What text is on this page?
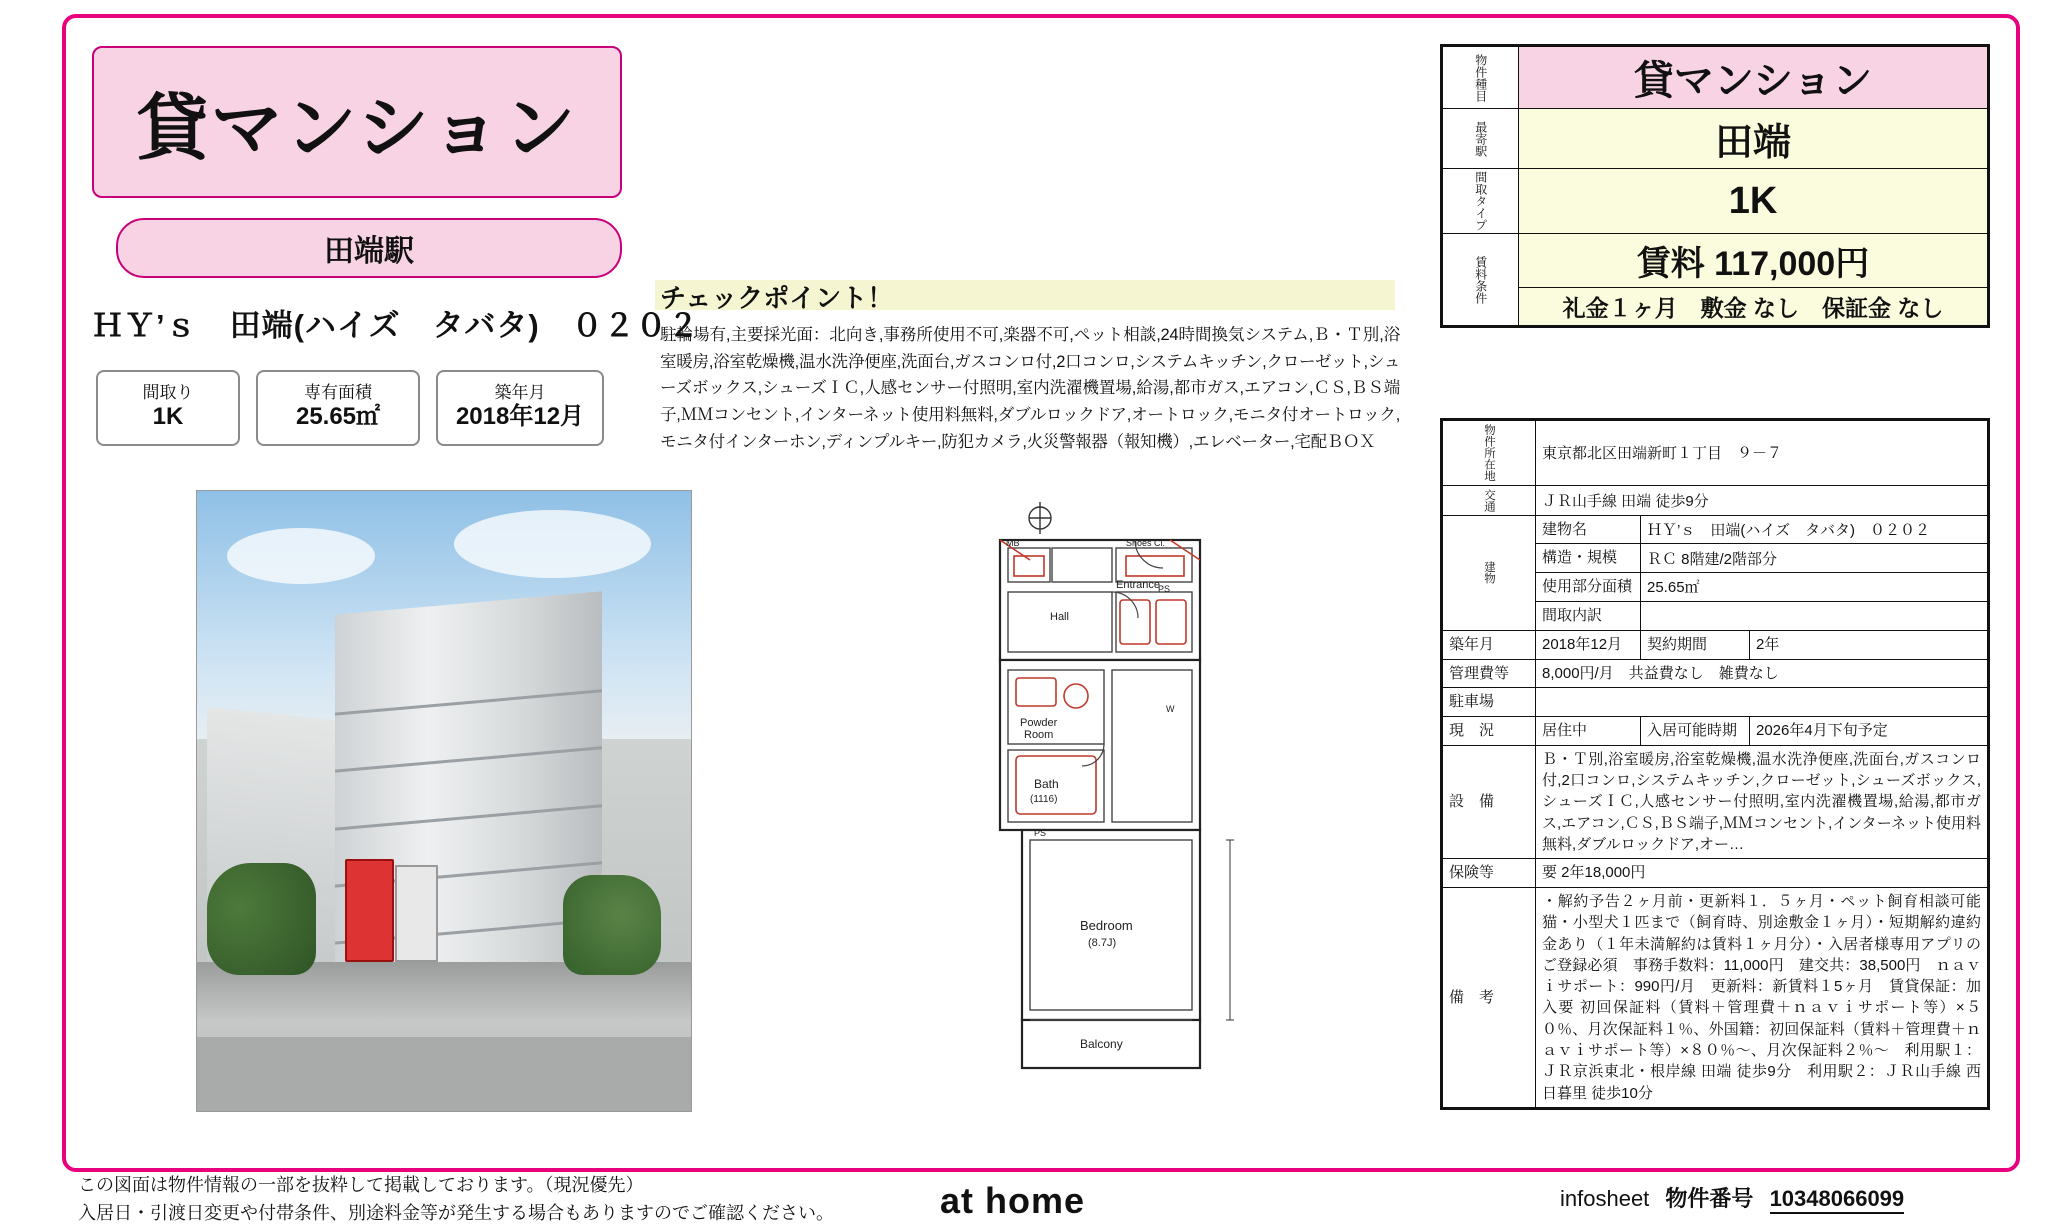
貸マンション
田端駅
ＨＹ’ｓ　田端(ハイズ　タバタ)　０２０２
間取り
1K
専有面積
25.65㎡
築年月
2018年12月
チェックポイント！
駐輪場有,主要採光面：北向き,事務所使用不可,楽器不可,ペット相談,24時間換気システム,Ｂ・Ｔ別,浴室暖房,浴室乾燥機,温水洗浄便座,洗面台,ガスコンロ付,2口コンロ,システムキッチン,クローゼット,シューズボックス,シューズＩＣ,人感センサー付照明,室内洗濯機置場,給湯,都市ガス,エアコン,ＣＳ,ＢＳ端子,ＭＭコンセント,インターネット使用料無料,ダブルロックドア,オートロック,モニタ付オートロック,モニタ付インターホン,ディンプルキー,防犯カメラ,火災警報器（報知機）,エレベーター,宅配ＢＯＸ
MB	Shoes Cl.
Entrance
Hall
PS
Powder
Room
Bath
(1116)
Bedroom
(8.7J)
Balcony
PS
W
物件種目	貸マンション
最寄駅	田端
間取タイプ	1K
賃料条件	賃料 117,000円
	礼金１ヶ月　敷金 なし　保証金 なし
物件所在地	東京都北区田端新町１丁目　９－７		
交通	ＪＲ山手線 田端 徒歩9分		
建物	建物名	ＨＹ’ｓ　田端(ハイズ　タバタ)　０２０２	
	構造・規模	ＲＣ 8階建/2階部分	
	使用部分面積	25.65㎡	
	間取内訳		
築年月	2018年12月	契約期間	2年
管理費等	8,000円/月　共益費なし　雑費なし		
駐車場			
現　況	居住中	入居可能時期	2026年4月下旬予定
設　備	Ｂ・Ｔ別,浴室暖房,浴室乾燥機,温水洗浄便座,洗面台,ガスコンロ付,2口コンロ,システムキッチン,クローゼット,シューズボックス,シューズＩＣ,人感センサー付照明,室内洗濯機置場,給湯,都市ガス,エアコン,ＣＳ,ＢＳ端子,ＭＭコンセント,インターネット使用料無料,ダブルロックドア,オー…		
保険等	要 2年18,000円		
備　考	・解約予告２ヶ月前・更新料１．５ヶ月・ペット飼育相談可能　猫・小型犬１匹まで（飼育時、別途敷金１ヶ月）・短期解約違約金あり（１年未満解約は賃料１ヶ月分）・入居者様専用アプリのご登録必須　事務手数料：11,000円　建交共：38,500円　ｎａｖｉサポート：990円/月　更新料：新賃料１5ヶ月　賃貸保証：加入要 初回保証料（賃料＋管理費＋ｎａｖｉサポート等）×５０％、月次保証料１％、外国籍：初回保証料（賃料＋管理費＋ｎａｖｉサポート等）×８０％～、月次保証料２％～　利用駅１：ＪＲ京浜東北・根岸線 田端 徒歩9分　利用駅２：ＪＲ山手線 西日暮里 徒歩10分		
この図面は物件情報の一部を抜粋して掲載しております。（現況優先）
入居日・引渡日変更や付帯条件、別途料金等が発生する場合もありますのでご確認ください。	at home	infosheet 物件番号 10348066099
